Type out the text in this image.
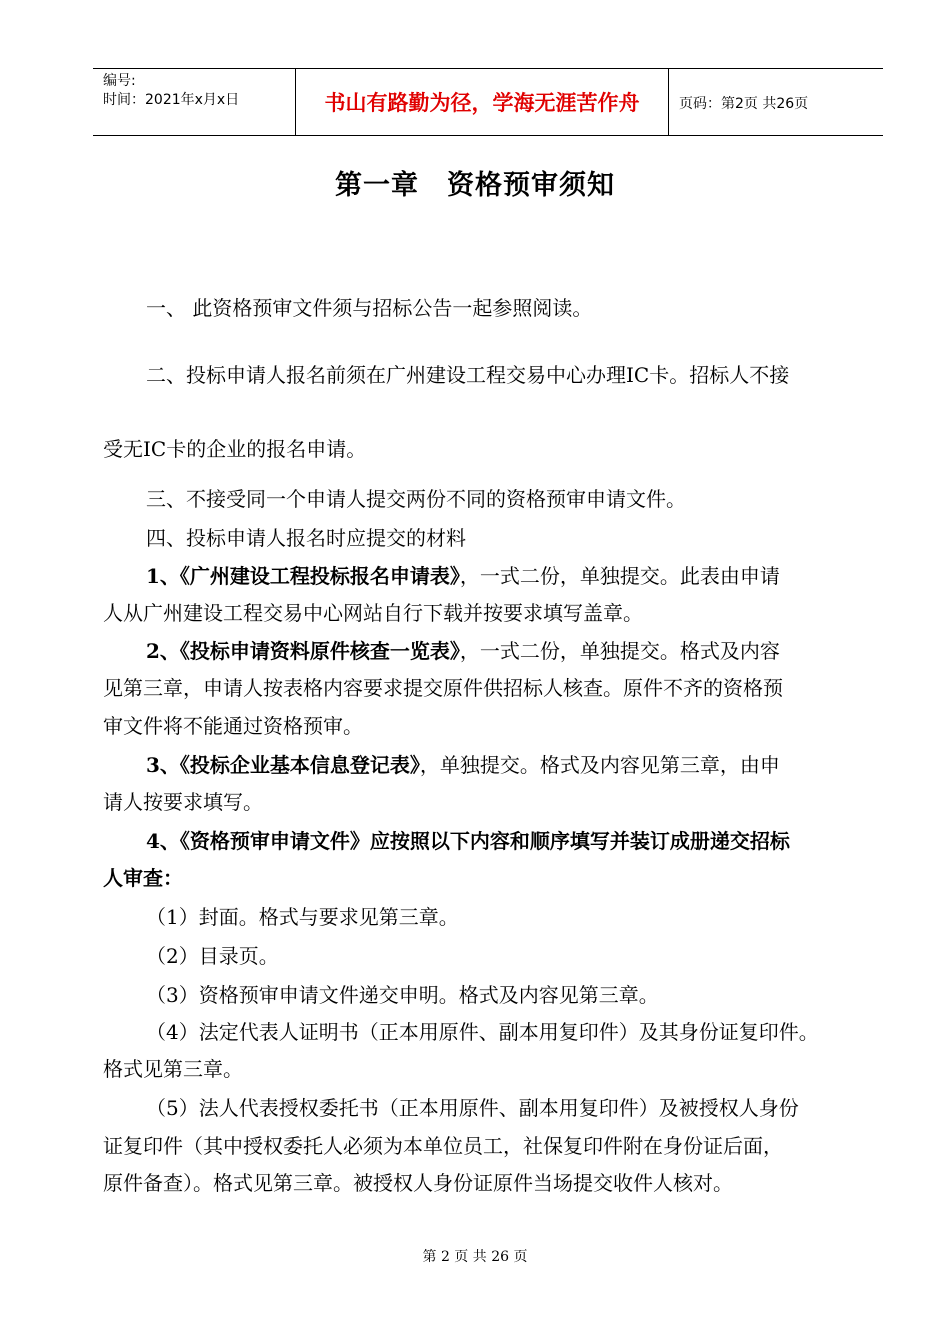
编号:
时间：2021年x月x日	书山有路勤为径，学海无涯苦作舟	页码：第2页 共26页
第一章　资格预审须知
一、 此资格预审文件须与招标公告一起参照阅读。
二、投标申请人报名前须在广州建设工程交易中心办理IC卡。招标人不接
受无IC卡的企业的报名申请。
三、不接受同一个申请人提交两份不同的资格预审申请文件。
四、投标申请人报名时应提交的材料
1、《广州建设工程投标报名申请表》，一式二份，单独提交。此表由申请
人从广州建设工程交易中心网站自行下载并按要求填写盖章。
2、《投标申请资料原件核查一览表》，一式二份，单独提交。格式及内容
见第三章，申请人按表格内容要求提交原件供招标人核查。原件不齐的资格预
审文件将不能通过资格预审。
3、《投标企业基本信息登记表》，单独提交。格式及内容见第三章，由申
请人按要求填写。
4、《资格预审申请文件》应按照以下内容和顺序填写并装订成册递交招标
人审查：
（1）封面。格式与要求见第三章。
（2）目录页。
（3）资格预审申请文件递交申明。格式及内容见第三章。
（4）法定代表人证明书（正本用原件、副本用复印件）及其身份证复印件。
格式见第三章。
（5）法人代表授权委托书（正本用原件、副本用复印件）及被授权人身份
证复印件（其中授权委托人必须为本单位员工，社保复印件附在身份证后面，
原件备查）。格式见第三章。被授权人身份证原件当场提交收件人核对。
第 2 页 共 26 页
